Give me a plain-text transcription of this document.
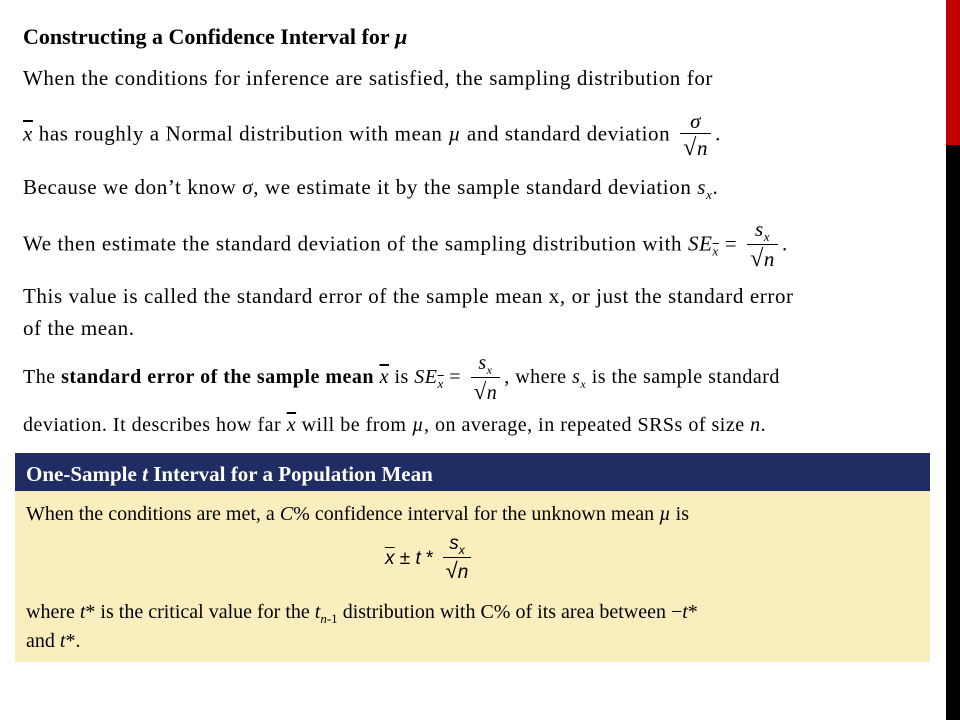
Constructing a Confidence Interval for µ
When the conditions for inference are satisfied, the sampling distribution for
$\overline{x}$ has roughly a Normal distribution with mean µ and standard deviation $\frac{\sigma}{√n}$ .
Because we don’t know σ, we estimate it by the sample standard deviation $s_x$.
We then estimate the standard deviation of the sampling distribution with $SE_{\overline{x}} = \frac{s_x}{√n}$ .
This value is called the standard error of the sample mean x, or just the standard error
of the mean.
The standard error of the sample mean $\overline{x}$ is $SE_{\overline{x}} = \frac{s_x}{√n}$ , where $s_x$ is the sample standard
deviation. It describes how far $\overline{x}$ will be from µ, on average, in repeated SRSs of size n.
One-Sample t Interval for a Population Mean
When the conditions are met, a C% confidence interval for the unknown mean µ is
$\overline{x} \pm t * \frac{s_x}{√n}$
where t* is the critical value for the $t_{n-1}$ distribution with C% of its area between −t*
and t*.
